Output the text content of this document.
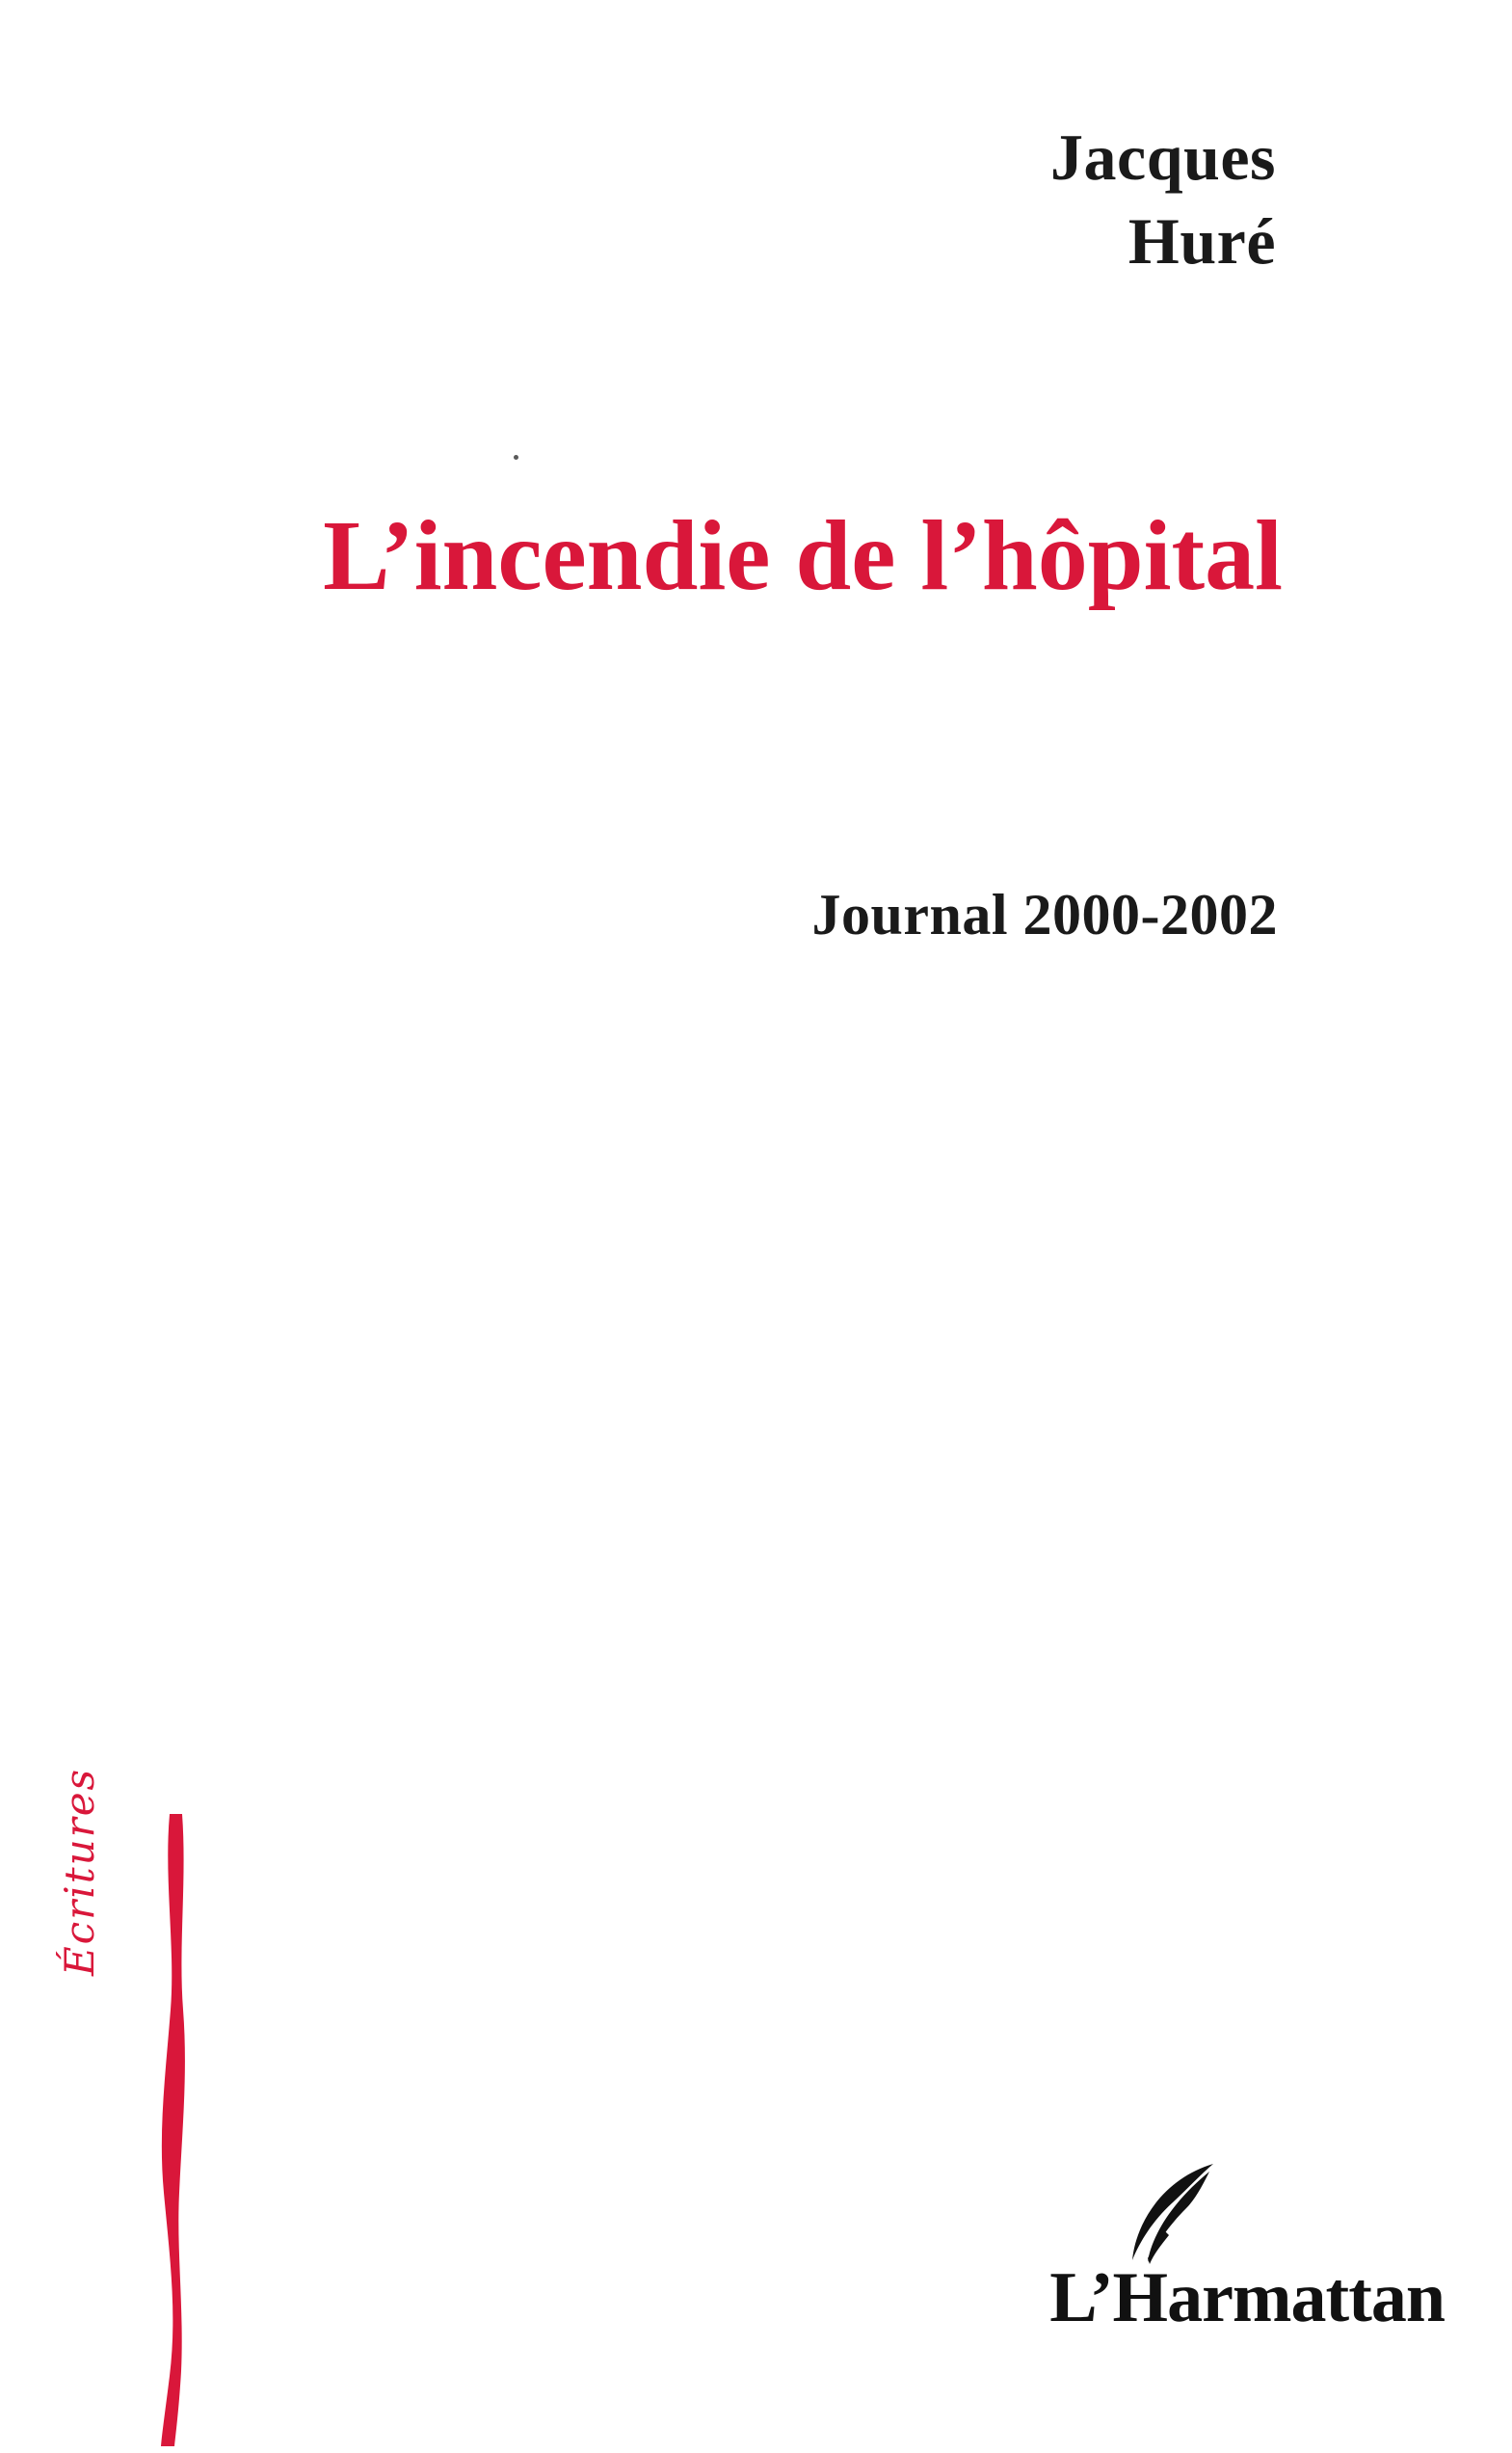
Jacques
Huré
L’incendie de l’hôpital
Journal 2000-2002
Écritures
L’Harmattan
